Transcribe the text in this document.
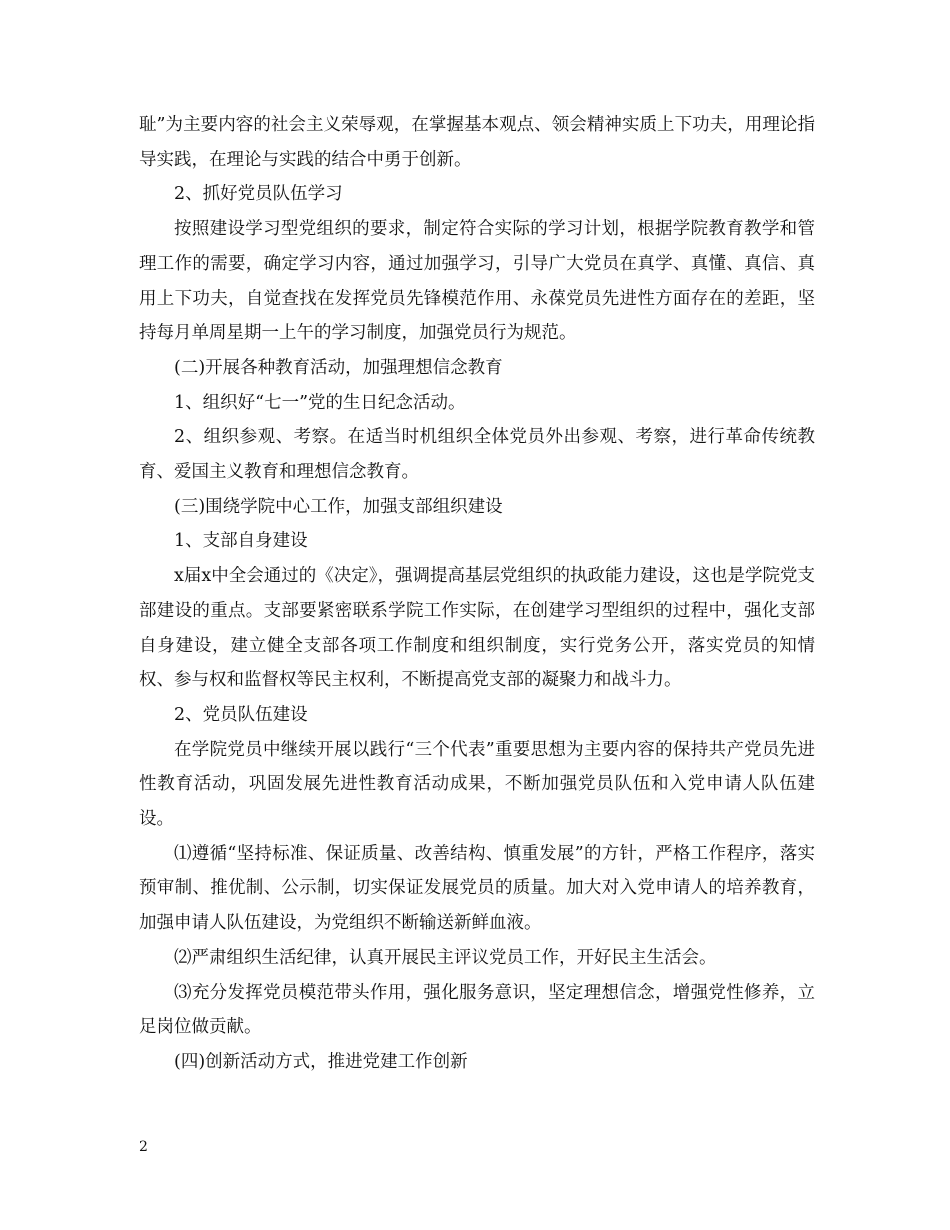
耻”为主要内容的社会主义荣辱观，在掌握基本观点、领会精神实质上下功夫，用理论指导实践，在理论与实践的结合中勇于创新。

2、抓好党员队伍学习

按照建设学习型党组织的要求，制定符合实际的学习计划，根据学院教育教学和管理工作的需要，确定学习内容，通过加强学习，引导广大党员在真学、真懂、真信、真用上下功夫，自觉查找在发挥党员先锋模范作用、永葆党员先进性方面存在的差距，坚持每月单周星期一上午的学习制度，加强党员行为规范。

(二)开展各种教育活动，加强理想信念教育

1、组织好“七一”党的生日纪念活动。

2、组织参观、考察。在适当时机组织全体党员外出参观、考察，进行革命传统教育、爱国主义教育和理想信念教育。

(三)围绕学院中心工作，加强支部组织建设

1、支部自身建设

x届x中全会通过的《决定》，强调提高基层党组织的执政能力建设，这也是学院党支部建设的重点。支部要紧密联系学院工作实际，在创建学习型组织的过程中，强化支部自身建设，建立健全支部各项工作制度和组织制度，实行党务公开，落实党员的知情权、参与权和监督权等民主权利，不断提高党支部的凝聚力和战斗力。

2、党员队伍建设

在学院党员中继续开展以践行“三个代表”重要思想为主要内容的保持共产党员先进性教育活动，巩固发展先进性教育活动成果，不断加强党员队伍和入党申请人队伍建设。

⑴遵循“坚持标准、保证质量、改善结构、慎重发展”的方针，严格工作程序，落实预审制、推优制、公示制，切实保证发展党员的质量。加大对入党申请人的培养教育，加强申请人队伍建设，为党组织不断输送新鲜血液。

⑵严肃组织生活纪律，认真开展民主评议党员工作，开好民主生活会。

⑶充分发挥党员模范带头作用，强化服务意识，坚定理想信念，增强党性修养，立足岗位做贡献。

(四)创新活动方式，推进党建工作创新

2
